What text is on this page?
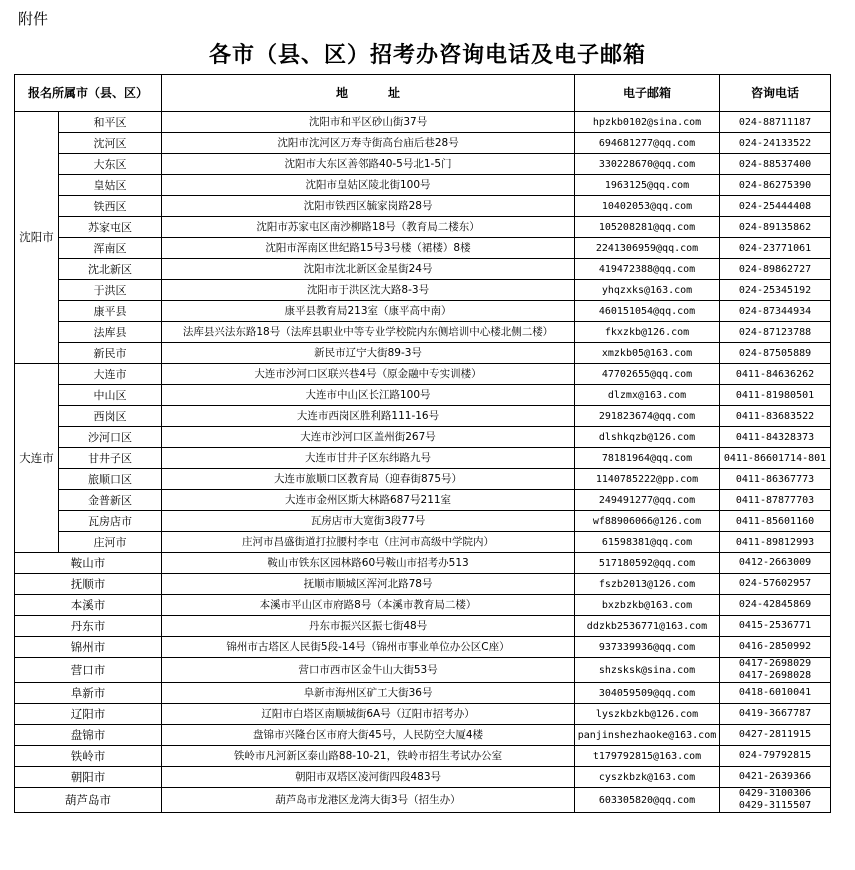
附件
各市（县、区）招考办咨询电话及电子邮箱
报名所属市（县、区）		地 址	电子邮箱	咨询电话
沈阳市	和平区	沈阳市和平区砂山街37号	hpzkb0102@sina.com	024-88711187
	沈河区	沈阳市沈河区万寿寺街高台庙后巷28号	694681277@qq.com	024-24133522
	大东区	沈阳市大东区善邻路40-5号北1-5门	330228670@qq.com	024-88537400
	皇姑区	沈阳市皇姑区陵北街100号	1963125@qq.com	024-86275390
	铁西区	沈阳市铁西区毓家岗路28号	10402053@qq.com	024-25444408
	苏家屯区	沈阳市苏家屯区南沙柳路18号（教育局二楼东）	105208281@qq.com	024-89135862
	浑南区	沈阳市浑南区世纪路15号3号楼（裙楼）8楼	2241306959@qq.com	024-23771061
	沈北新区	沈阳市沈北新区金星街24号	419472388@qq.com	024-89862727
	于洪区	沈阳市于洪区沈大路8-3号	yhqzxks@163.com	024-25345192
	康平县	康平县教育局213室（康平高中南）	460151054@qq.com	024-87344934
	法库县	法库县兴法东路18号（法库县职业中等专业学校院内东侧培训中心楼北侧二楼）	fkxzkb@126.com	024-87123788
	新民市	新民市辽宁大街89-3号	xmzkb05@163.com	024-87505889
大连市	大连市	大连市沙河口区联兴巷4号（原金融中专实训楼）	47702655@qq.com	0411-84636262
	中山区	大连市中山区长江路100号	dlzmx@163.com	0411-81980501
	西岗区	大连市西岗区胜利路111-16号	291823674@qq.com	0411-83683522
	沙河口区	大连市沙河口区盖州街267号	dlshkqzb@126.com	0411-84328373
	甘井子区	大连市甘井子区东纬路九号	78181964@qq.com	0411-86601714-801
	旅顺口区	大连市旅顺口区教育局（迎春街875号）	1140785222@pp.com	0411-86367773
	金普新区	大连市金州区斯大林路687号211室	249491277@qq.com	0411-87877703
	瓦房店市	瓦房店市大宽街3段77号	wf88906066@126.com	0411-85601160
	庄河市	庄河市昌盛街道打拉腰村李屯（庄河市高级中学院内）	61598381@qq.com	0411-89812993
鞍山市		鞍山市铁东区园林路60号鞍山市招考办513	517180592@qq.com	0412-2663009

抚顺市		抚顺市顺城区浑河北路78号	fszb2013@126.com	024-57602957

本溪市		本溪市平山区市府路8号（本溪市教育局二楼）	bxzbzkb@163.com	024-42845869

丹东市		丹东市振兴区振七街48号	ddzkb2536771@163.com	0415-2536771

锦州市		锦州市古塔区人民街5段-14号（锦州市事业单位办公区C座）	937339936@qq.com	0416-2850992

营口市		营口市西市区金牛山大街53号	shzsksk@sina.com	0417-2698029
0417-2698028

阜新市		阜新市海州区矿工大街36号	304059509@qq.com	0418-6010041

辽阳市		辽阳市白塔区南顺城街6A号（辽阳市招考办）	lyszkbzkb@126.com	0419-3667787

盘锦市		盘锦市兴隆台区市府大街45号，人民防空大厦4楼	panjinshezhaoke@163.com	0427-2811915

铁岭市		铁岭市凡河新区泰山路88-10-21，铁岭市招生考试办公室	t179792815@163.com	024-79792815

朝阳市		朝阳市双塔区凌河街四段483号	cyszkbzk@163.com	0421-2639366

葫芦岛市		葫芦岛市龙港区龙湾大街3号（招生办）	603305820@qq.com	0429-3100306
0429-3115507
